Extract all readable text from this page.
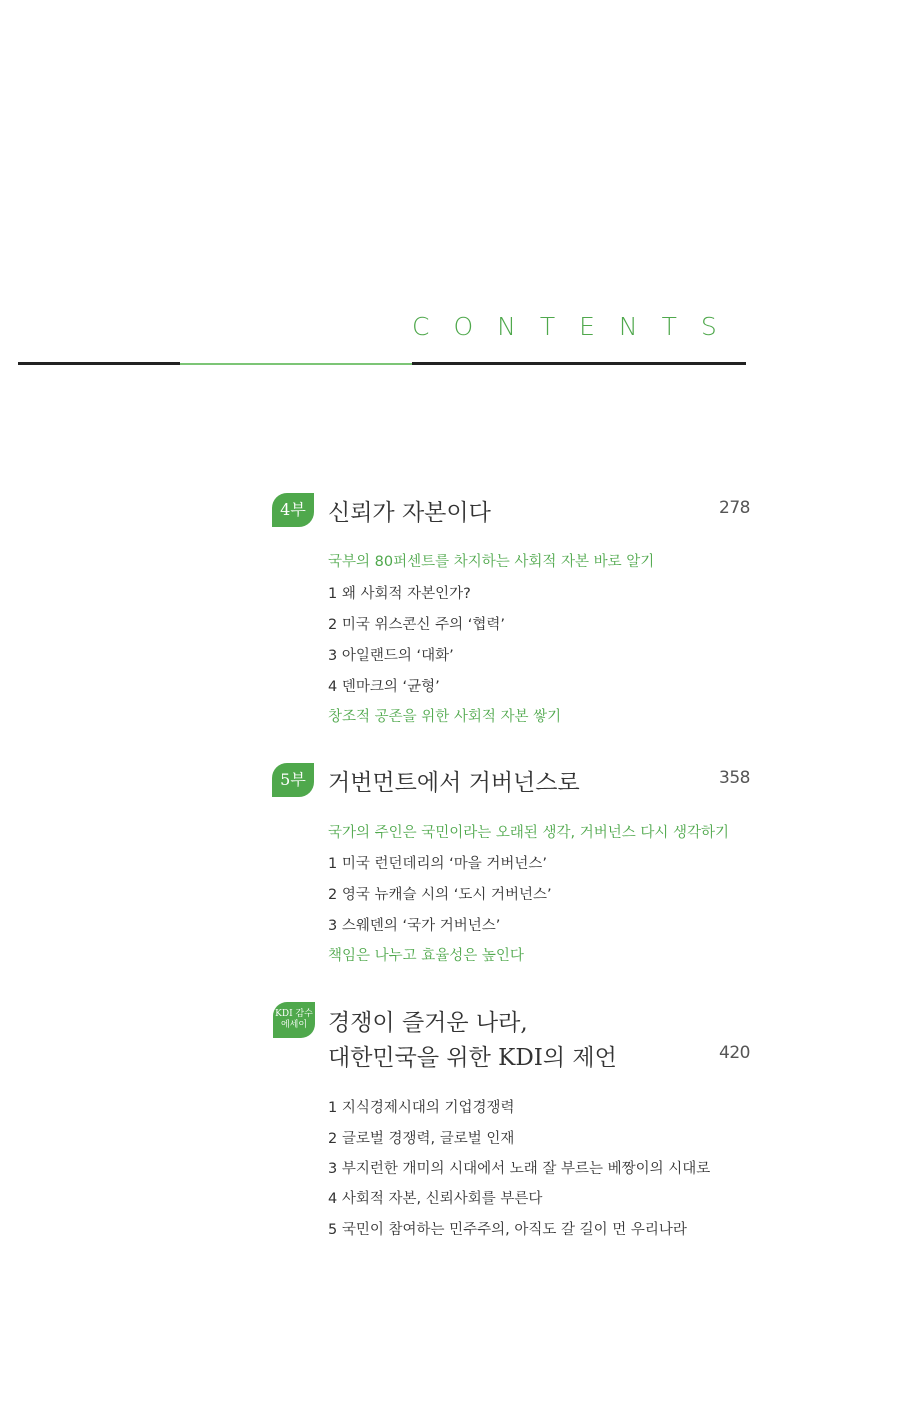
CONTENTS
4부 신뢰가 자본이다	278
국부의 80퍼센트를 차지하는 사회적 자본 바로 알기
1 왜 사회적 자본인가?
2 미국 위스콘신 주의 ‘협력’
3 아일랜드의 ‘대화’
4 덴마크의 ‘균형’
창조적 공존을 위한 사회적 자본 쌓기
5부 거번먼트에서 거버넌스로	358
국가의 주인은 국민이라는 오래된 생각, 거버넌스 다시 생각하기
1 미국 런던데리의 ‘마을 거버넌스’
2 영국 뉴캐슬 시의 ‘도시 거버넌스’
3 스웨덴의 ‘국가 거버넌스’
책임은 나누고 효율성은 높인다
KDI 감수
에세이 경쟁이 즐거운 나라,
대한민국을 위한 KDI의 제언	420
1 지식경제시대의 기업경쟁력
2 글로벌 경쟁력, 글로벌 인재
3 부지런한 개미의 시대에서 노래 잘 부르는 베짱이의 시대로
4 사회적 자본, 신뢰사회를 부른다
5 국민이 참여하는 민주주의, 아직도 갈 길이 먼 우리나라
